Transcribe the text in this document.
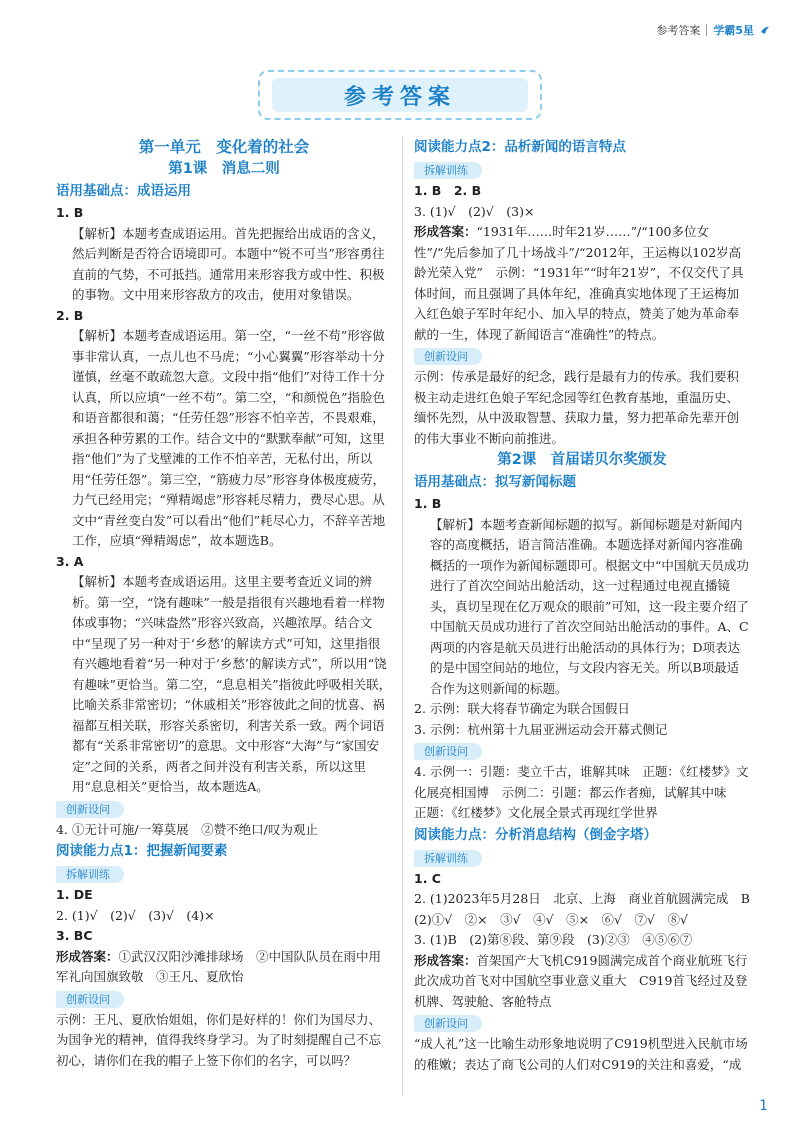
参考答案 学霸5星
参考答案
第一单元　变化着的社会
第1课　消息二则
语用基础点：成语运用

1. B

【解析】本题考查成语运用。首先把握给出成语的含义，然后判断是否符合语境即可。本题中“锐不可当”形容勇往直前的气势，不可抵挡。通常用来形容我方或中性、积极的事物。文中用来形容敌方的攻击，使用对象错误。

2. B

【解析】本题考查成语运用。第一空，“一丝不苟”形容做事非常认真，一点儿也不马虎；“小心翼翼”形容举动十分谨慎，丝毫不敢疏忽大意。文段中指“他们”对待工作十分认真，所以应填“一丝不苟”。第二空，“和颜悦色”指脸色和语音都很和蔼；“任劳任怨”形容不怕辛苦，不畏艰难，承担各种劳累的工作。结合文中的“默默奉献”可知，这里指“他们”为了戈壁滩的工作不怕辛苦，无私付出，所以用“任劳任怨”。第三空，“筋疲力尽”形容身体极度疲劳，力气已经用完；“殚精竭虑”形容耗尽精力，费尽心思。从文中“青丝变白发”可以看出“他们”耗尽心力，不辞辛苦地工作，应填“殚精竭虑”，故本题选B。

3. A

【解析】本题考查成语运用。这里主要考查近义词的辨析。第一空，“饶有趣味”一般是指很有兴趣地看着一样物体或事物；“兴味盎然”形容兴致高，兴趣浓厚。结合文中“呈现了另一种对于‘乡愁’的解读方式”可知，这里指很有兴趣地看着“另一种对于‘乡愁’的解读方式”，所以用“饶有趣味”更恰当。第二空，“息息相关”指彼此呼吸相关联，比喻关系非常密切；“休戚相关”形容彼此之间的忧喜、祸福都互相关联，形容关系密切，利害关系一致。两个词语都有“关系非常密切”的意思。文中形容“大海”与“家国安定”之间的关系，两者之间并没有利害关系，所以这里用“息息相关”更恰当，故本题选A。

创新设问

4. ①无计可施/一筹莫展　②赞不绝口/叹为观止

阅读能力点1：把握新闻要素
拆解训练

1. DE

2. (1)√　(2)√　(3)√　(4)×

3. BC

形成答案：①武汉汉阳沙滩排球场　②中国队队员在雨中用军礼向国旗致敬　③王凡、夏欣怡

创新设问

示例：王凡、夏欣怡姐姐，你们是好样的！你们为国尽力、为国争光的精神，值得我终身学习。为了时刻提醒自己不忘初心，请你们在我的帽子上签下你们的名字，可以吗？

阅读能力点2：品析新闻的语言特点
拆解训练

1. B　2. B

3. (1)√　(2)√　(3)×

形成答案：“1931年……时年21岁……”/“100多位女性”/“先后参加了几十场战斗”/“2012年，王运梅以102岁高龄光荣入党”　示例：“1931年”“时年21岁”，不仅交代了具体时间，而且强调了具体年纪，准确真实地体现了王运梅加入红色娘子军时年纪小、加入早的特点，赞美了她为革命奉献的一生，体现了新闻语言“准确性”的特点。

创新设问

示例：传承是最好的纪念，践行是最有力的传承。我们要积极主动走进红色娘子军纪念园等红色教育基地，重温历史、缅怀先烈，从中汲取智慧、获取力量，努力把革命先辈开创的伟大事业不断向前推进。

第2课　首届诺贝尔奖颁发
语用基础点：拟写新闻标题

1. B

【解析】本题考查新闻标题的拟写。新闻标题是对新闻内容的高度概括，语言简洁准确。本题选择对新闻内容准确概括的一项作为新闻标题即可。根据文中“中国航天员成功进行了首次空间站出舱活动，这一过程通过电视直播镜头，真切呈现在亿万观众的眼前”可知，这一段主要介绍了中国航天员成功进行了首次空间站出舱活动的事件。A、C两项的内容是航天员进行出舱活动的具体行为；D项表达的是中国空间站的地位，与文段内容无关。所以B项最适合作为这则新闻的标题。

2. 示例：联大将春节确定为联合国假日

3. 示例：杭州第十九届亚洲运动会开幕式侧记

创新设问

4. 示例一：引题：斐立千古，谁解其味　正题：《红楼梦》文化展亮相国博　示例二：引题：都云作者痴，试解其中味　正题：《红楼梦》文化展全景式再现红学世界

阅读能力点：分析消息结构（倒金字塔）
拆解训练

1. C

2. (1)2023年5月28日　北京、上海　商业首航圆满完成　B　(2)①√　②×　③√　④√　⑤×　⑥√　⑦√　⑧√

3. (1)B　(2)第⑧段、第⑨段　(3)②③　④⑤⑥⑦

形成答案：首架国产大飞机C919圆满完成首个商业航班飞行　此次成功首飞对中国航空事业意义重大　C919首飞经过及登机牌、驾驶舱、客舱特点

创新设问

“成人礼”这一比喻生动形象地说明了C919机型进入民航市场的稚嫩；表达了商飞公司的人们对C919的关注和喜爱，“成

1
